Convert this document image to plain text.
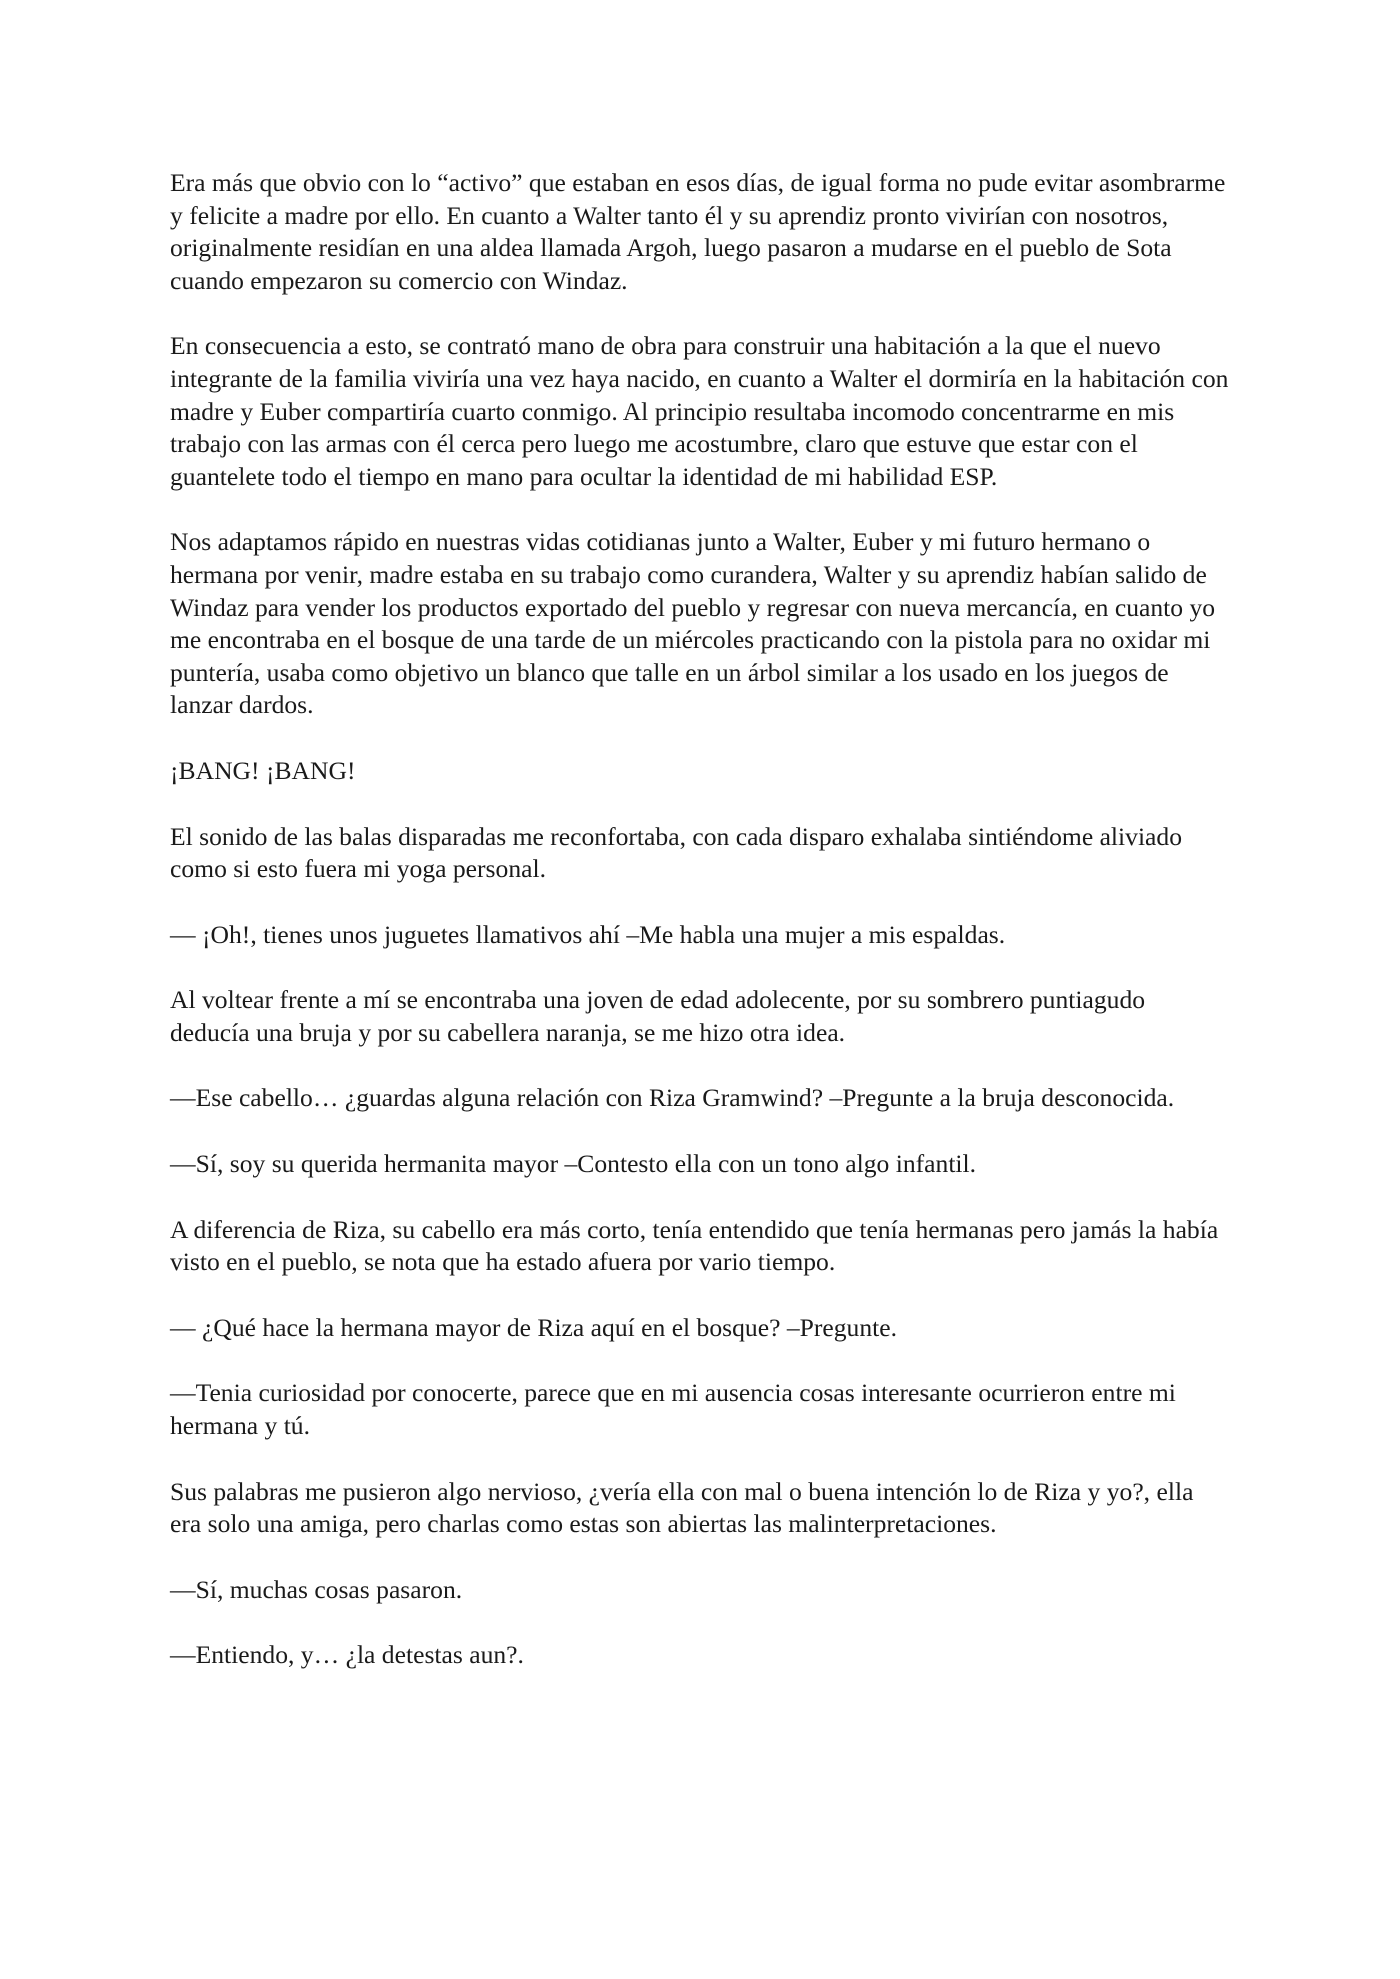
Era más que obvio con lo “activo” que estaban en esos días, de igual forma no pude evitar asombrarme y felicite a madre por ello. En cuanto a Walter tanto él y su aprendiz pronto vivirían con nosotros, originalmente residían en una aldea llamada Argoh, luego pasaron a mudarse en el pueblo de Sota cuando empezaron su comercio con Windaz.

En consecuencia a esto, se contrató mano de obra para construir una habitación a la que el nuevo integrante de la familia viviría una vez haya nacido, en cuanto a Walter el dormiría en la habitación con madre y Euber compartiría cuarto conmigo. Al principio resultaba incomodo concentrarme en mis trabajo con las armas con él cerca pero luego me acostumbre, claro que estuve que estar con el guantelete todo el tiempo en mano para ocultar la identidad de mi habilidad ESP.

Nos adaptamos rápido en nuestras vidas cotidianas junto a Walter, Euber y mi futuro hermano o hermana por venir, madre estaba en su trabajo como curandera, Walter y su aprendiz habían salido de Windaz para vender los productos exportado del pueblo y regresar con nueva mercancía, en cuanto yo me encontraba en el bosque de una tarde de un miércoles practicando con la pistola para no oxidar mi puntería, usaba como objetivo un blanco que talle en un árbol similar a los usado en los juegos de lanzar dardos.

¡BANG! ¡BANG!

El sonido de las balas disparadas me reconfortaba, con cada disparo exhalaba sintiéndome aliviado como si esto fuera mi yoga personal.

— ¡Oh!, tienes unos juguetes llamativos ahí –Me habla una mujer a mis espaldas.

Al voltear frente a mí se encontraba una joven de edad adolecente, por su sombrero puntiagudo deducía una bruja y por su cabellera naranja, se me hizo otra idea.

—Ese cabello… ¿guardas alguna relación con Riza Gramwind? –Pregunte a la bruja desconocida.

—Sí, soy su querida hermanita mayor –Contesto ella con un tono algo infantil.

A diferencia de Riza, su cabello era más corto, tenía entendido que tenía hermanas pero jamás la había visto en el pueblo, se nota que ha estado afuera por vario tiempo.

— ¿Qué hace la hermana mayor de Riza aquí en el bosque? –Pregunte.

—Tenia curiosidad por conocerte, parece que en mi ausencia cosas interesante ocurrieron entre mi hermana y tú.

Sus palabras me pusieron algo nervioso, ¿vería ella con mal o buena intención lo de Riza y yo?, ella era solo una amiga, pero charlas como estas son abiertas las malinterpretaciones.

—Sí, muchas cosas pasaron.

—Entiendo, y… ¿la detestas aun?.
